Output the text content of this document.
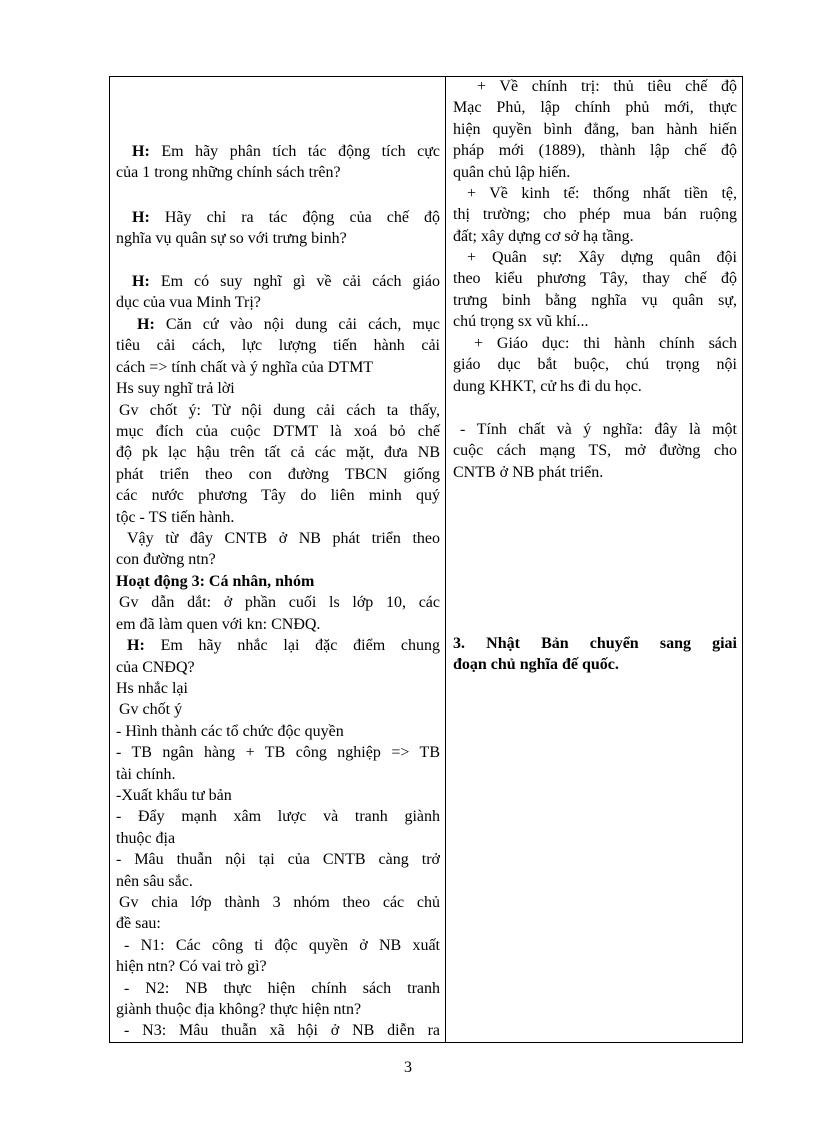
H: Em hãy phân tích tác động tích cực
của 1 trong những chính sách trên?
H: Hãy chỉ ra tác động của chế độ
nghĩa vụ quân sự so với trưng binh?
H: Em có suy nghĩ gì về cải cách giáo
dục của vua Minh Trị?
H: Căn cứ vào nội dung cải cách, mục
tiêu cải cách, lực lượng tiến hành cải
cách => tính chất và ý nghĩa của DTMT
Hs suy nghĩ trả lời
Gv chốt ý: Từ nội dung cải cách ta thấy,
mục đích của cuộc DTMT là xoá bỏ chế
độ pk lạc hậu trên tất cả các mặt, đưa NB
phát triển theo con đường TBCN giống
các nước phương Tây do liên minh quý
tộc - TS tiến hành.
Vậy từ đây CNTB ở NB phát triển theo
con đường ntn?
Hoạt động 3: Cá nhân, nhóm
Gv dẫn dắt: ở phần cuối ls lớp 10, các
em đã làm quen với kn: CNĐQ.
H: Em hãy nhắc lại đặc điểm chung
của CNĐQ?
Hs nhắc lại
Gv chốt ý
- Hình thành các tổ chức độc quyền
- TB ngân hàng + TB công nghiệp => TB
tài chính.
-Xuất khẩu tư bản
- Đẩy mạnh xâm lược và tranh giành
thuộc địa
- Mâu thuẫn nội tại của CNTB càng trở
nên sâu sắc.
Gv chia lớp thành 3 nhóm theo các chủ
đề sau:
- N1: Các công ti độc quyền ở NB xuất
hiện ntn? Có vai trò gì?
- N2: NB thực hiện chính sách tranh
giành thuộc địa không? thực hiện ntn?
- N3: Mâu thuẫn xã hội ở NB diễn ra
+ Về chính trị: thủ tiêu chế độ
Mạc Phủ, lập chính phủ mới, thực
hiện quyền bình đẳng, ban hành hiến
pháp mới (1889), thành lập chế độ
quân chủ lập hiến.
+ Về kinh tế: thống nhất tiền tệ,
thị trường; cho phép mua bán ruộng
đất; xây dựng cơ sở hạ tầng.
+ Quân sự: Xây dựng quân đội
theo kiểu phương Tây, thay chế độ
trưng binh bằng nghĩa vụ quân sự,
chú trọng sx vũ khí...
+ Giáo dục: thi hành chính sách
giáo dục bắt buộc, chú trọng nội
dung KHKT, cử hs đi du học.
- Tính chất và ý nghĩa: đây là một
cuộc cách mạng TS, mở đường cho
CNTB ở NB phát triển.
3. Nhật Bản chuyển sang giai
đoạn chủ nghĩa đế quốc.
3
